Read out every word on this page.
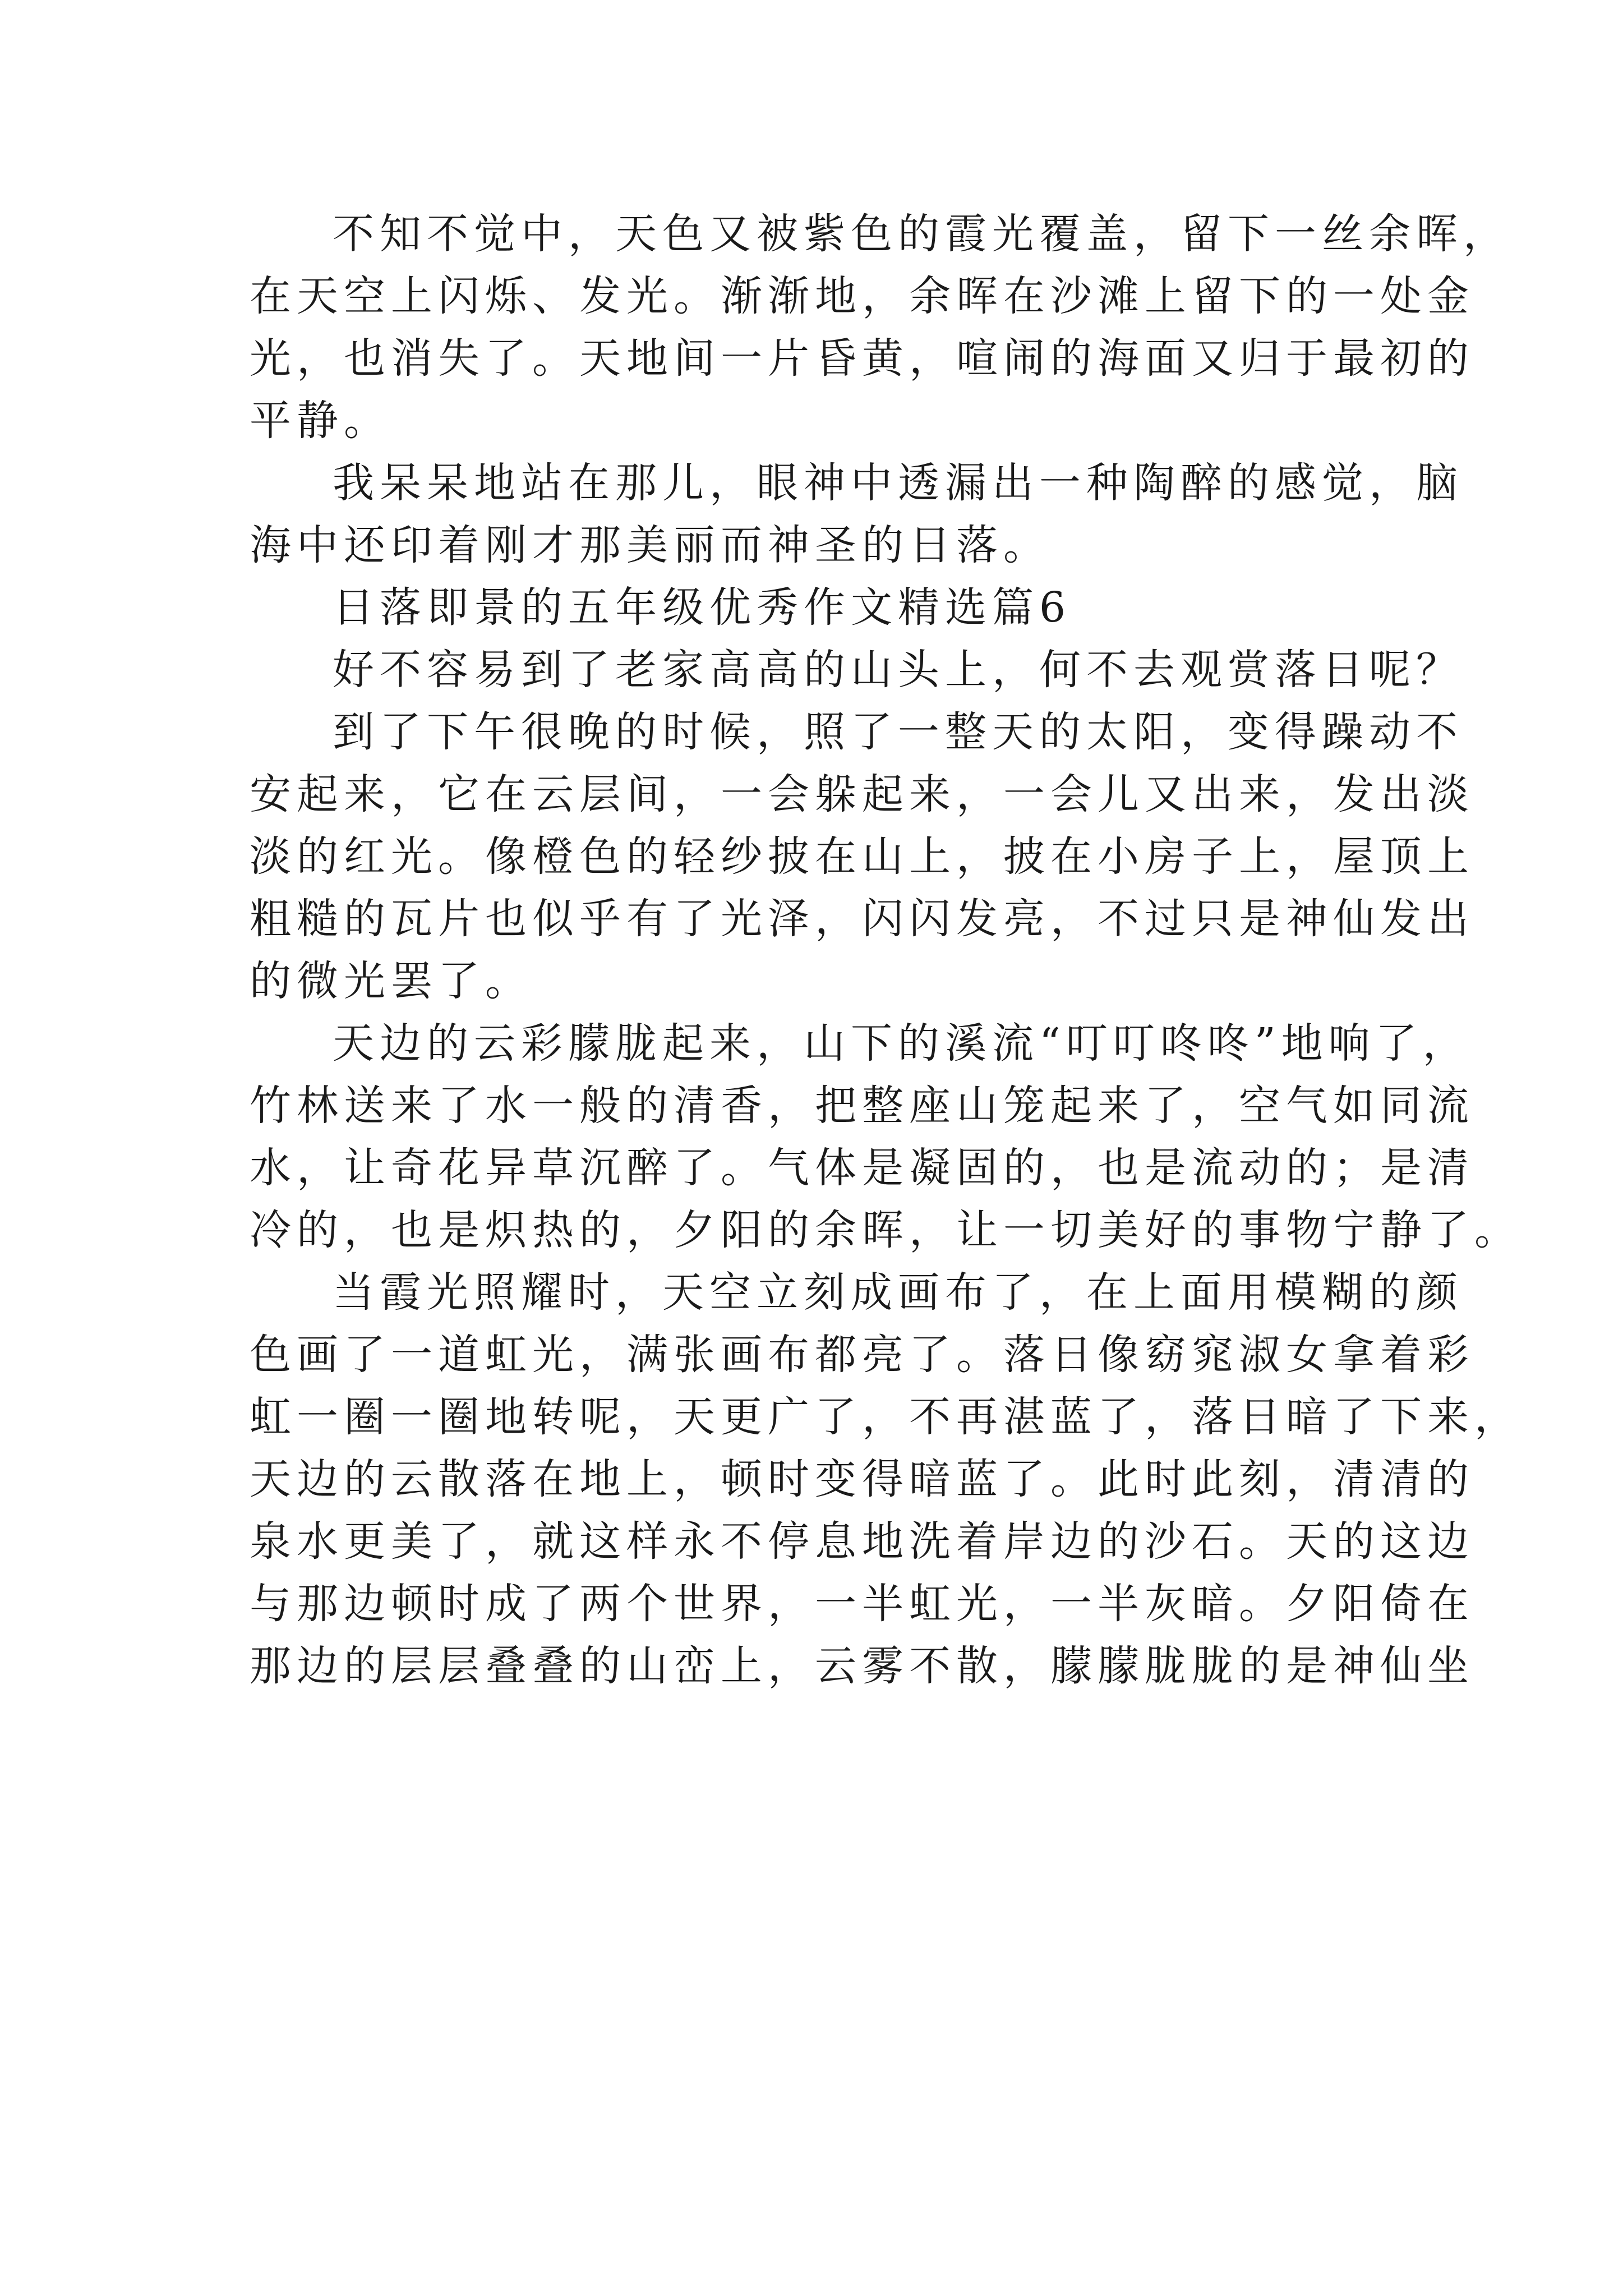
不知不觉中，天色又被紫色的霞光覆盖，留下一丝余晖，
在天空上闪烁、发光。渐渐地，余晖在沙滩上留下的一处金
光，也消失了。天地间一片昏黄，喧闹的海面又归于最初的
平静。
我呆呆地站在那儿，眼神中透漏出一种陶醉的感觉，脑
海中还印着刚才那美丽而神圣的日落。
日落即景的五年级优秀作文精选篇6
好不容易到了老家高高的山头上，何不去观赏落日呢？
到了下午很晚的时候，照了一整天的太阳，变得躁动不
安起来，它在云层间，一会躲起来，一会儿又出来，发出淡
淡的红光。像橙色的轻纱披在山上，披在小房子上，屋顶上
粗糙的瓦片也似乎有了光泽，闪闪发亮，不过只是神仙发出
的微光罢了。
天边的云彩朦胧起来，山下的溪流“叮叮咚咚”地响了，
竹林送来了水一般的清香，把整座山笼起来了，空气如同流
水，让奇花异草沉醉了。气体是凝固的，也是流动的；是清
冷的，也是炽热的，夕阳的余晖，让一切美好的事物宁静了。
当霞光照耀时，天空立刻成画布了，在上面用模糊的颜
色画了一道虹光，满张画布都亮了。落日像窈窕淑女拿着彩
虹一圈一圈地转呢，天更广了，不再湛蓝了，落日暗了下来，
天边的云散落在地上，顿时变得暗蓝了。此时此刻，清清的
泉水更美了，就这样永不停息地洗着岸边的沙石。天的这边
与那边顿时成了两个世界，一半虹光，一半灰暗。夕阳倚在
那边的层层叠叠的山峦上，云雾不散，朦朦胧胧的是神仙坐
